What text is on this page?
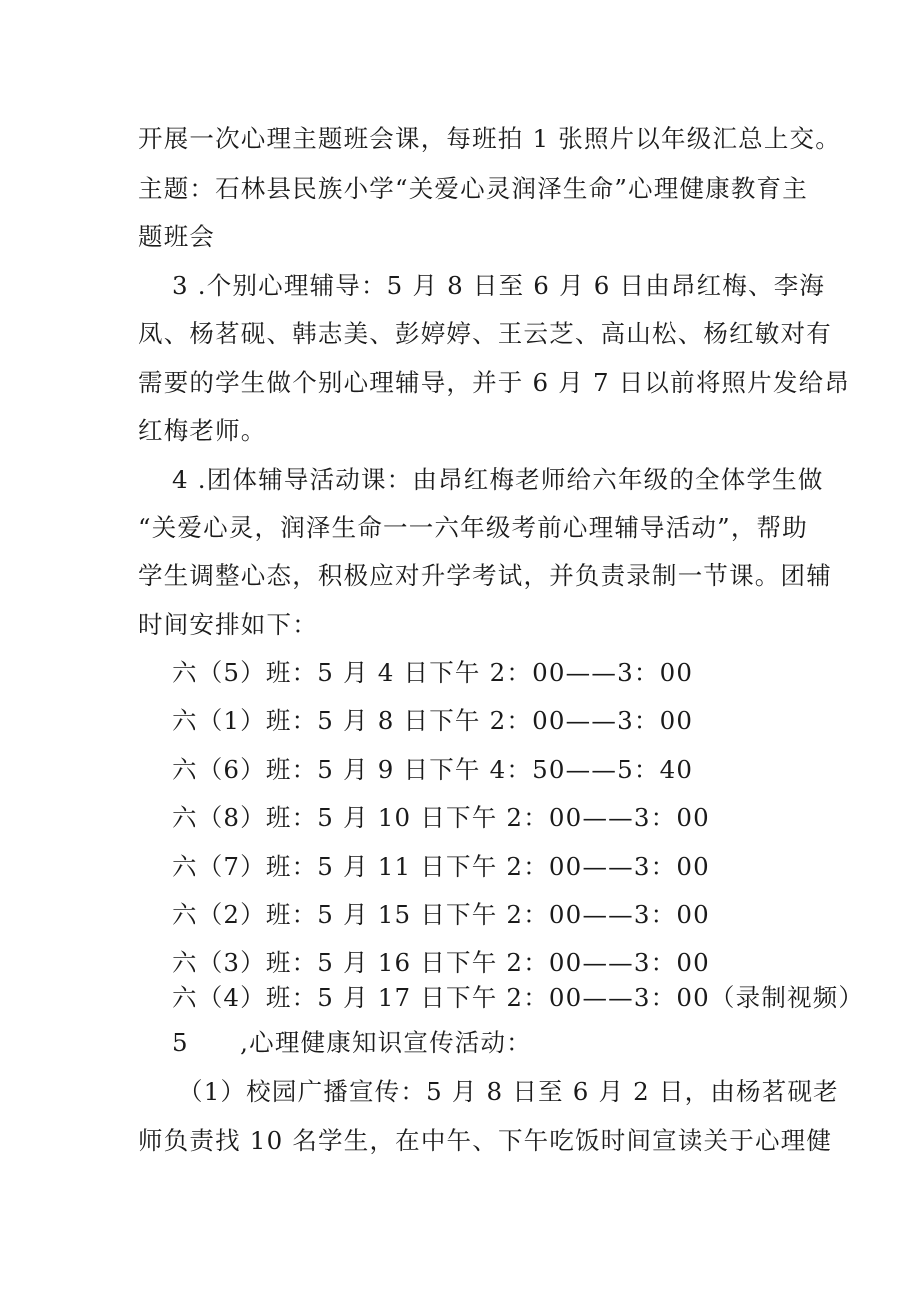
开展一次心理主题班会课，每班拍 1 张照片以年级汇总上交。
主题：石林县民族小学“关爱心灵润泽生命”心理健康教育主
题班会
3 .个别心理辅导：5 月 8 日至 6 月 6 日由昂红梅、李海
凤、杨茗砚、韩志美、彭婷婷、王云芝、高山松、杨红敏对有
需要的学生做个别心理辅导，并于 6 月 7 日以前将照片发给昂
红梅老师。
4 .团体辅导活动课：由昂红梅老师给六年级的全体学生做
“关爱心灵，润泽生命一一六年级考前心理辅导活动”，帮助
学生调整心态，积极应对升学考试，并负责录制一节课。团辅
时间安排如下：
六（5）班：5 月 4 日下午 2：00——3：00
六（1）班：5 月 8 日下午 2：00——3：00
六（6）班：5 月 9 日下午 4：50——5：40
六（8）班：5 月 10 日下午 2：00——3：00
六（7）班：5 月 11 日下午 2：00——3：00
六（2）班：5 月 15 日下午 2：00——3：00
六（3）班：5 月 16 日下午 2：00——3：00
六（4）班：5 月 17 日下午 2：00——3：00（录制视频）
5　　,心理健康知识宣传活动：
（1）校园广播宣传：5 月 8 日至 6 月 2 日，由杨茗砚老
师负责找 10 名学生，在中午、下午吃饭时间宣读关于心理健
